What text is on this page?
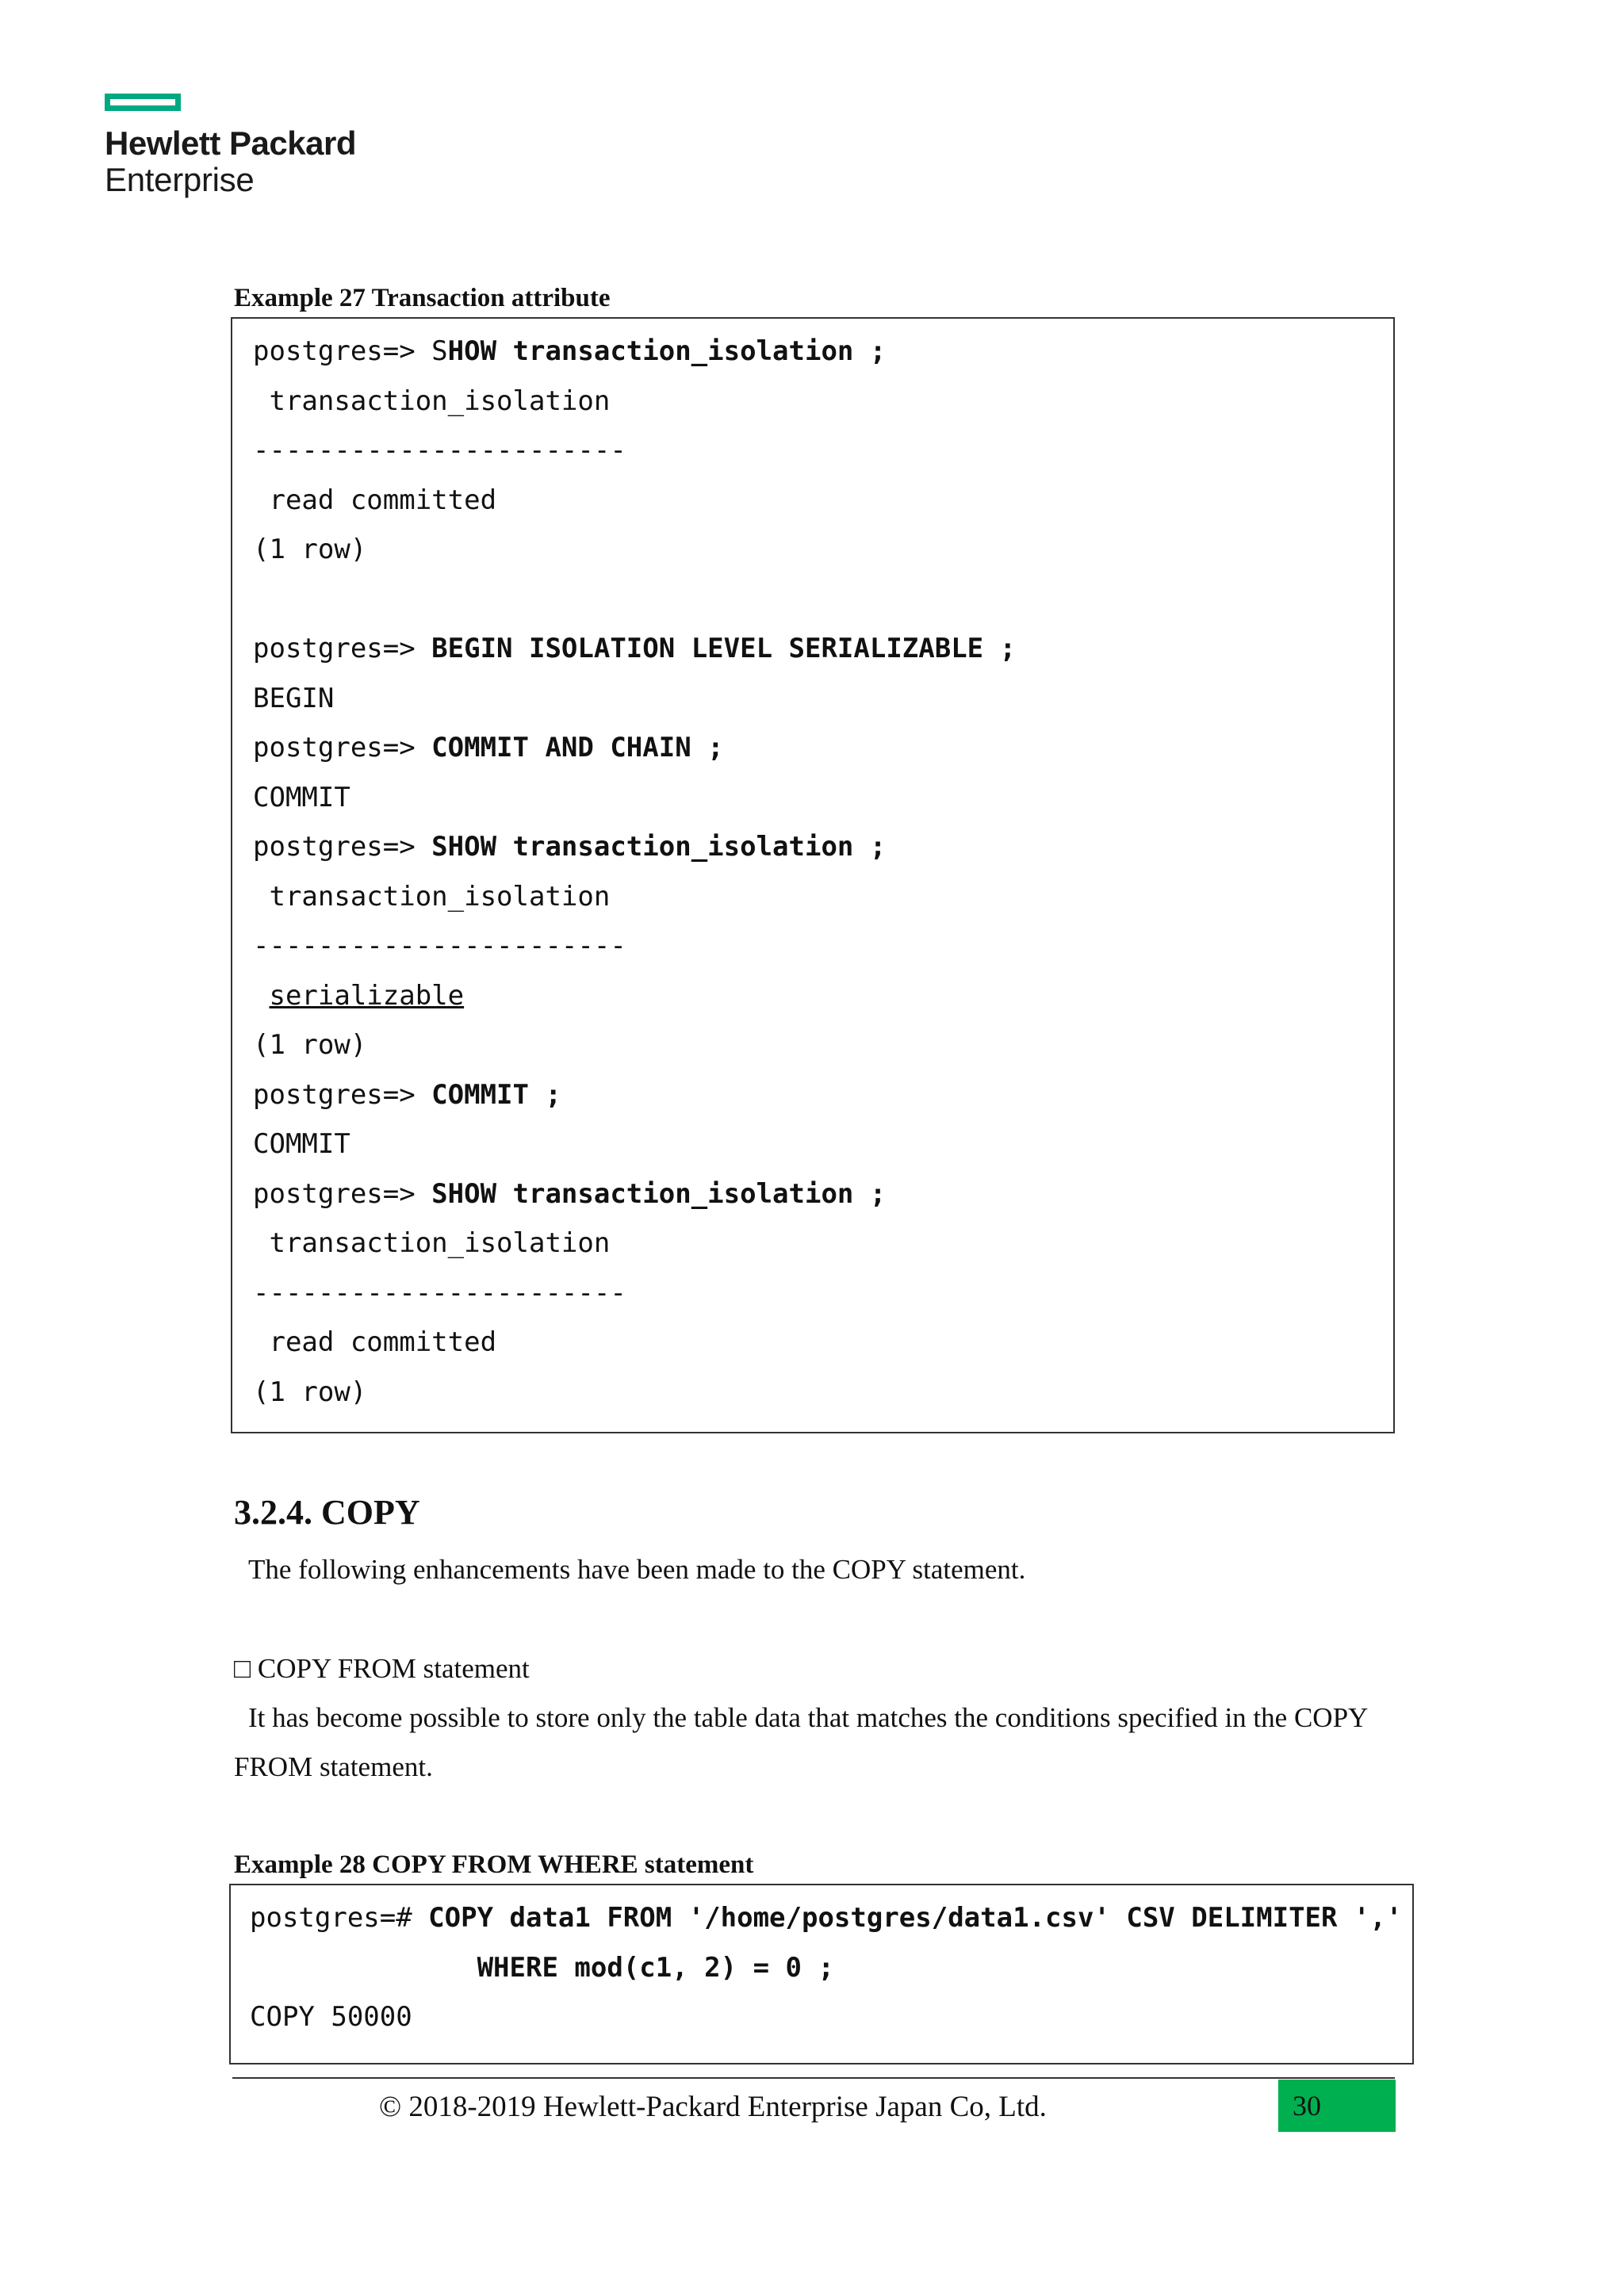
Hewlett Packard
Enterprise
Example 27 Transaction attribute
postgres=> SHOW transaction_isolation ;
transaction_isolation
-----------------------
read committed
(1 row)

postgres=> BEGIN ISOLATION LEVEL SERIALIZABLE ;
BEGIN
postgres=> COMMIT AND CHAIN ;
COMMIT
postgres=> SHOW transaction_isolation ;
transaction_isolation
-----------------------
serializable
(1 row)
postgres=> COMMIT ;
COMMIT
postgres=> SHOW transaction_isolation ;
transaction_isolation
-----------------------
read committed
(1 row)
3.2.4. COPY
The following enhancements have been made to the COPY statement.
□ COPY FROM statement
It has become possible to store only the table data that matches the conditions specified in the COPY
FROM statement.
Example 28 COPY FROM WHERE statement
postgres=# COPY data1 FROM '/home/postgres/data1.csv' CSV DELIMITER ','
WHERE mod(c1, 2) = 0 ;
COPY 50000
© 2018-2019 Hewlett-Packard Enterprise Japan Co, Ltd.	30
